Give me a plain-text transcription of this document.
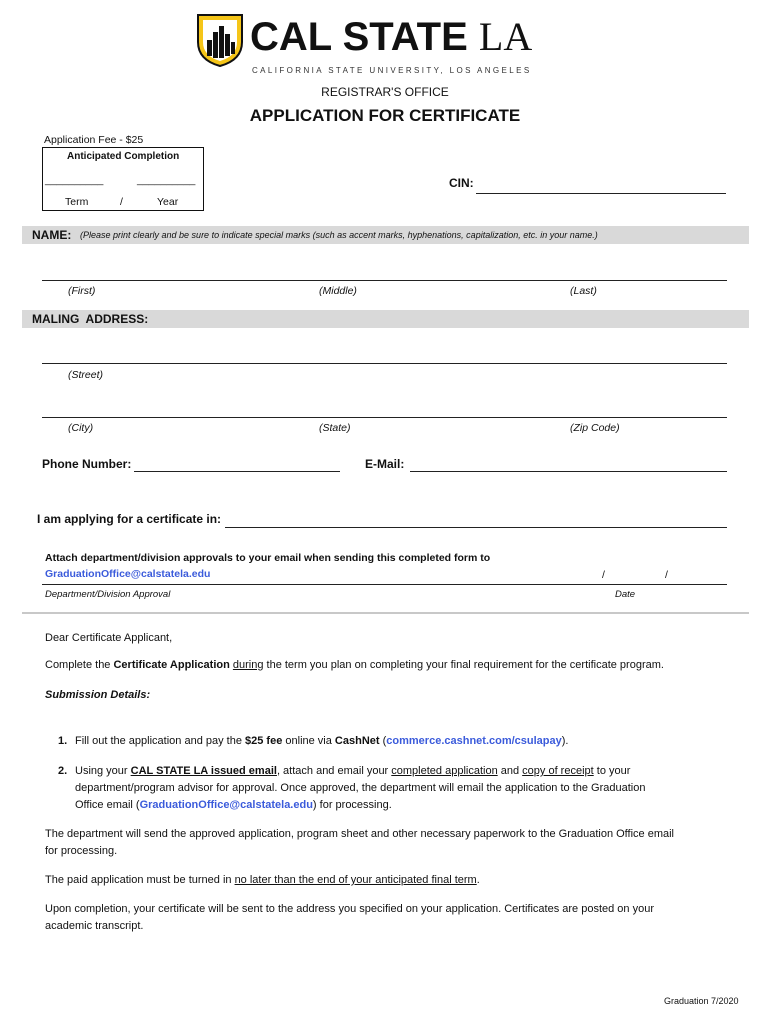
CAL STATE LA
CALIFORNIA STATE UNIVERSITY, LOS ANGELES
REGISTRAR'S OFFICE
APPLICATION FOR CERTIFICATE
Application Fee - $25
Anticipated Completion
__________	__________
Term	/	Year
CIN:
NAME: (Please print clearly and be sure to indicate special marks (such as accent marks, hyphenations, capitalization, etc. in your name.)
(First)	(Middle)	(Last)
MALING  ADDRESS:
(Street)
(City)	(State)	(Zip Code)
Phone Number:	E-Mail:
I am applying for a certificate in:
Attach department/division approvals to your email when sending this completed form to
GraduationOffice@calstatela.edu	/	/
Department/Division Approval	Date
Dear Certificate Applicant,
Complete the Certificate Application during the term you plan on completing your final requirement for the certificate program.
Submission Details:
1. Fill out the application and pay the $25 fee online via CashNet (commerce.cashnet.com/csulapay).
2. Using your CAL STATE LA issued email, attach and email your completed application and copy of receipt to your
department/program advisor for approval. Once approved, the department will email the application to the Graduation
Office email (GraduationOffice@calstatela.edu) for processing.
The department will send the approved application, program sheet and other necessary paperwork to the Graduation Office email
for processing.
The paid application must be turned in no later than the end of your anticipated final term.
Upon completion, your certificate will be sent to the address you specified on your application. Certificates are posted on your
academic transcript.
Graduation 7/2020
